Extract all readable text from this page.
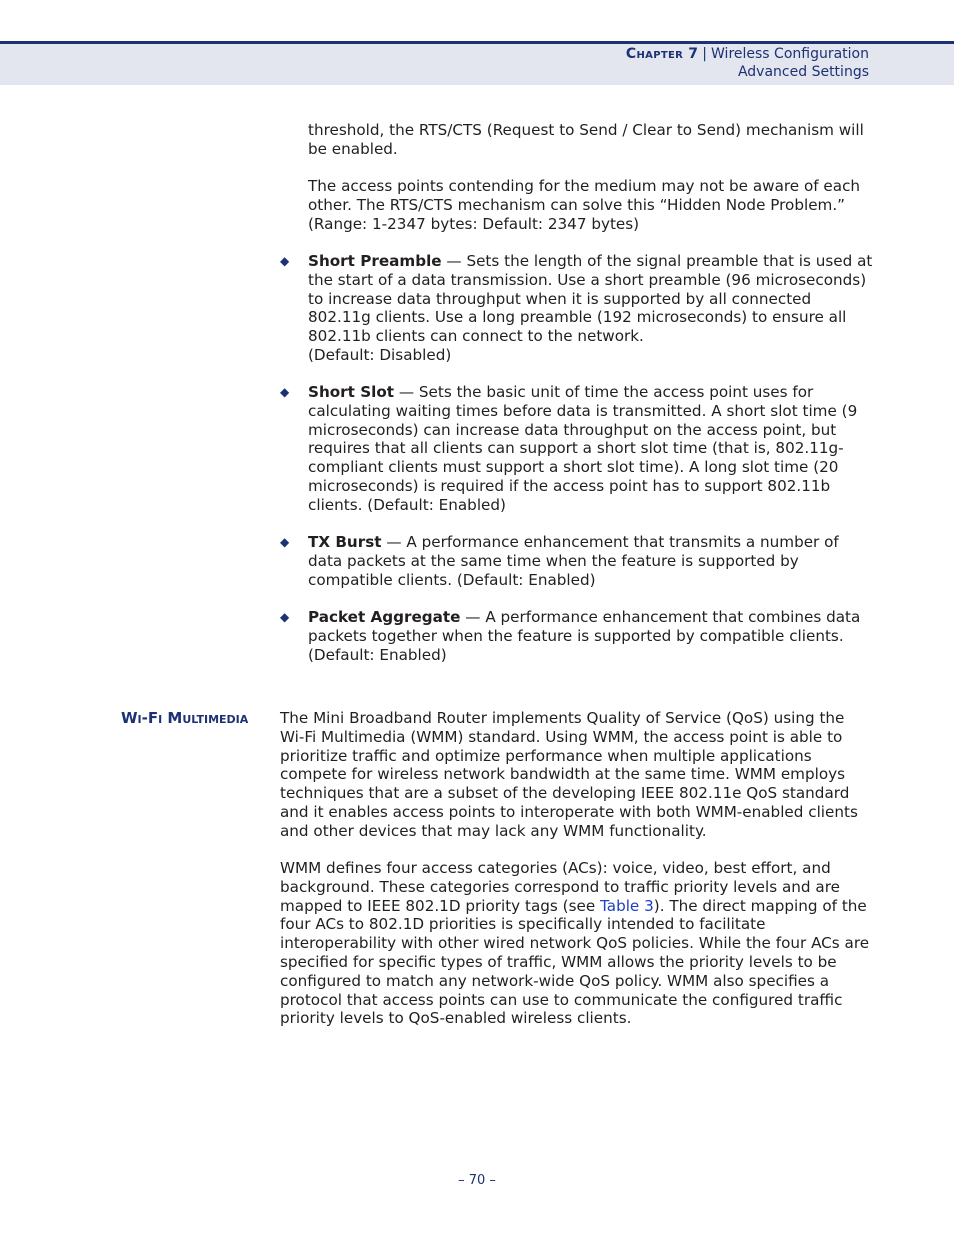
Chapter 7 | Wireless Configuration
Advanced Settings

threshold, the RTS/CTS (Request to Send / Clear to Send) mechanism will be enabled.

The access points contending for the medium may not be aware of each other. The RTS/CTS mechanism can solve this “Hidden Node Problem.” (Range: 1-2347 bytes: Default: 2347 bytes)

◆ Short Preamble — Sets the length of the signal preamble that is used at the start of a data transmission. Use a short preamble (96 microseconds) to increase data throughput when it is supported by all connected 802.11g clients. Use a long preamble (192 microseconds) to ensure all 802.11b clients can connect to the network.
(Default: Disabled)

◆ Short Slot — Sets the basic unit of time the access point uses for calculating waiting times before data is transmitted. A short slot time (9 microseconds) can increase data throughput on the access point, but requires that all clients can support a short slot time (that is, 802.11g-compliant clients must support a short slot time). A long slot time (20 microseconds) is required if the access point has to support 802.11b clients. (Default: Enabled)

◆ TX Burst — A performance enhancement that transmits a number of data packets at the same time when the feature is supported by compatible clients. (Default: Enabled)

◆ Packet Aggregate — A performance enhancement that combines data packets together when the feature is supported by compatible clients. (Default: Enabled)

Wi-Fi Multimedia	The Mini Broadband Router implements Quality of Service (QoS) using the Wi-Fi Multimedia (WMM) standard. Using WMM, the access point is able to prioritize traffic and optimize performance when multiple applications compete for wireless network bandwidth at the same time. WMM employs techniques that are a subset of the developing IEEE 802.11e QoS standard and it enables access points to interoperate with both WMM-enabled clients and other devices that may lack any WMM functionality.

WMM defines four access categories (ACs): voice, video, best effort, and background. These categories correspond to traffic priority levels and are mapped to IEEE 802.1D priority tags (see Table 3). The direct mapping of the four ACs to 802.1D priorities is specifically intended to facilitate interoperability with other wired network QoS policies. While the four ACs are specified for specific types of traffic, WMM allows the priority levels to be configured to match any network-wide QoS policy. WMM also specifies a protocol that access points can use to communicate the configured traffic priority levels to QoS-enabled wireless clients.

– 70 –
